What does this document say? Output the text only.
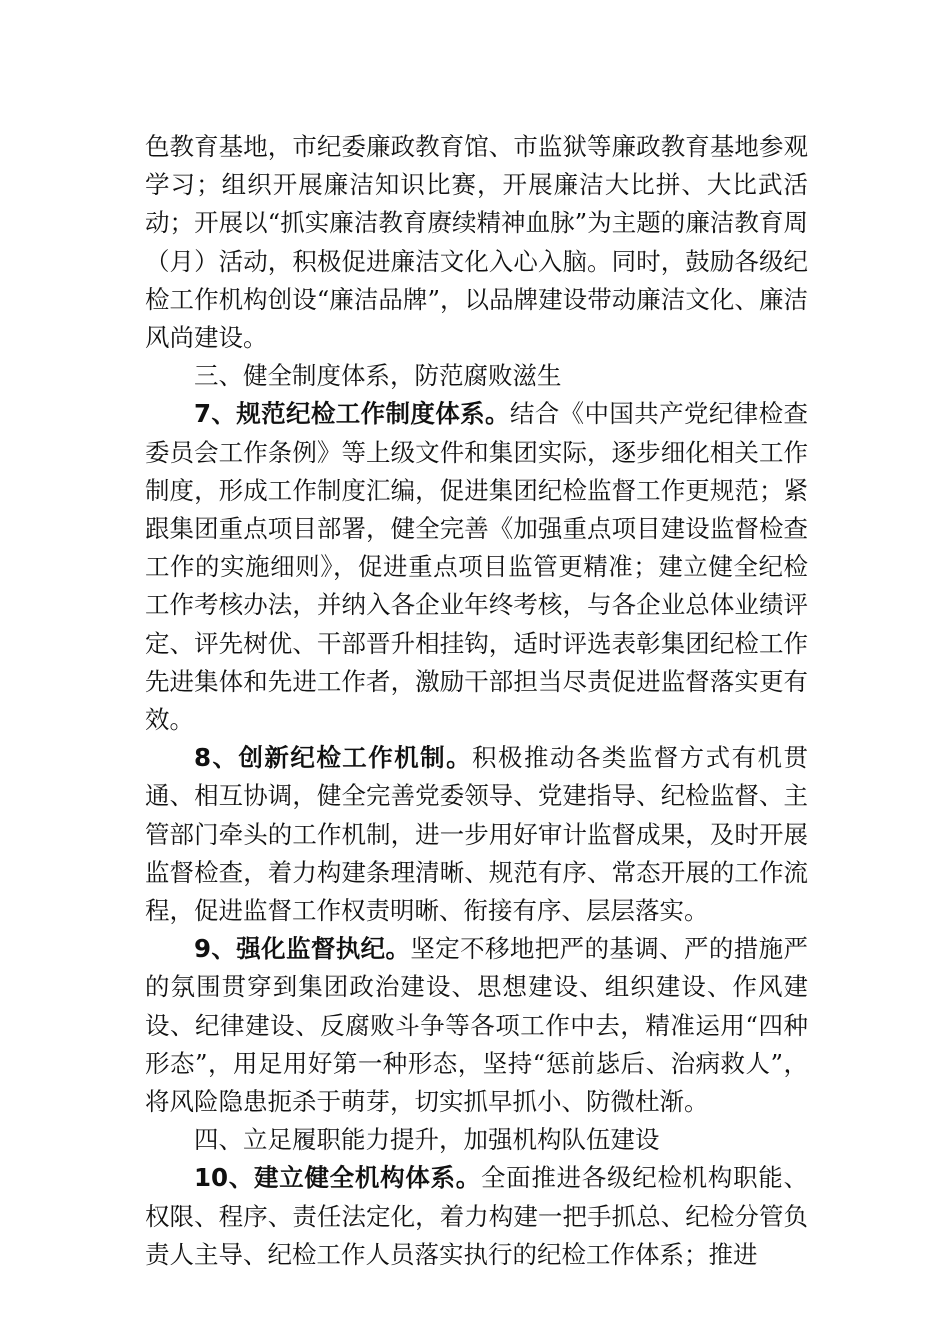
色教育基地，市纪委廉政教育馆、市监狱等廉政教育基地参观学习；组织开展廉洁知识比赛，开展廉洁大比拼、大比武活动；开展以“抓实廉洁教育赓续精神血脉”为主题的廉洁教育周（月）活动，积极促进廉洁文化入心入脑。同时，鼓励各级纪检工作机构创设“廉洁品牌”，以品牌建设带动廉洁文化、廉洁风尚建设。

三、健全制度体系，防范腐败滋生

7、规范纪检工作制度体系。结合《中国共产党纪律检查委员会工作条例》等上级文件和集团实际，逐步细化相关工作制度，形成工作制度汇编，促进集团纪检监督工作更规范；紧跟集团重点项目部署，健全完善《加强重点项目建设监督检查工作的实施细则》，促进重点项目监管更精准；建立健全纪检工作考核办法，并纳入各企业年终考核，与各企业总体业绩评定、评先树优、干部晋升相挂钩，适时评选表彰集团纪检工作先进集体和先进工作者，激励干部担当尽责促进监督落实更有效。

8、创新纪检工作机制。积极推动各类监督方式有机贯通、相互协调，健全完善党委领导、党建指导、纪检监督、主管部门牵头的工作机制，进一步用好审计监督成果，及时开展监督检查，着力构建条理清晰、规范有序、常态开展的工作流程，促进监督工作权责明晰、衔接有序、层层落实。

9、强化监督执纪。坚定不移地把严的基调、严的措施严的氛围贯穿到集团政治建设、思想建设、组织建设、作风建设、纪律建设、反腐败斗争等各项工作中去，精准运用“四种形态”，用足用好第一种形态，坚持“惩前毖后、治病救人”，将风险隐患扼杀于萌芽，切实抓早抓小、防微杜渐。

四、立足履职能力提升，加强机构队伍建设

10、建立健全机构体系。全面推进各级纪检机构职能、权限、程序、责任法定化，着力构建一把手抓总、纪检分管负责人主导、纪检工作人员落实执行的纪检工作体系；推进
